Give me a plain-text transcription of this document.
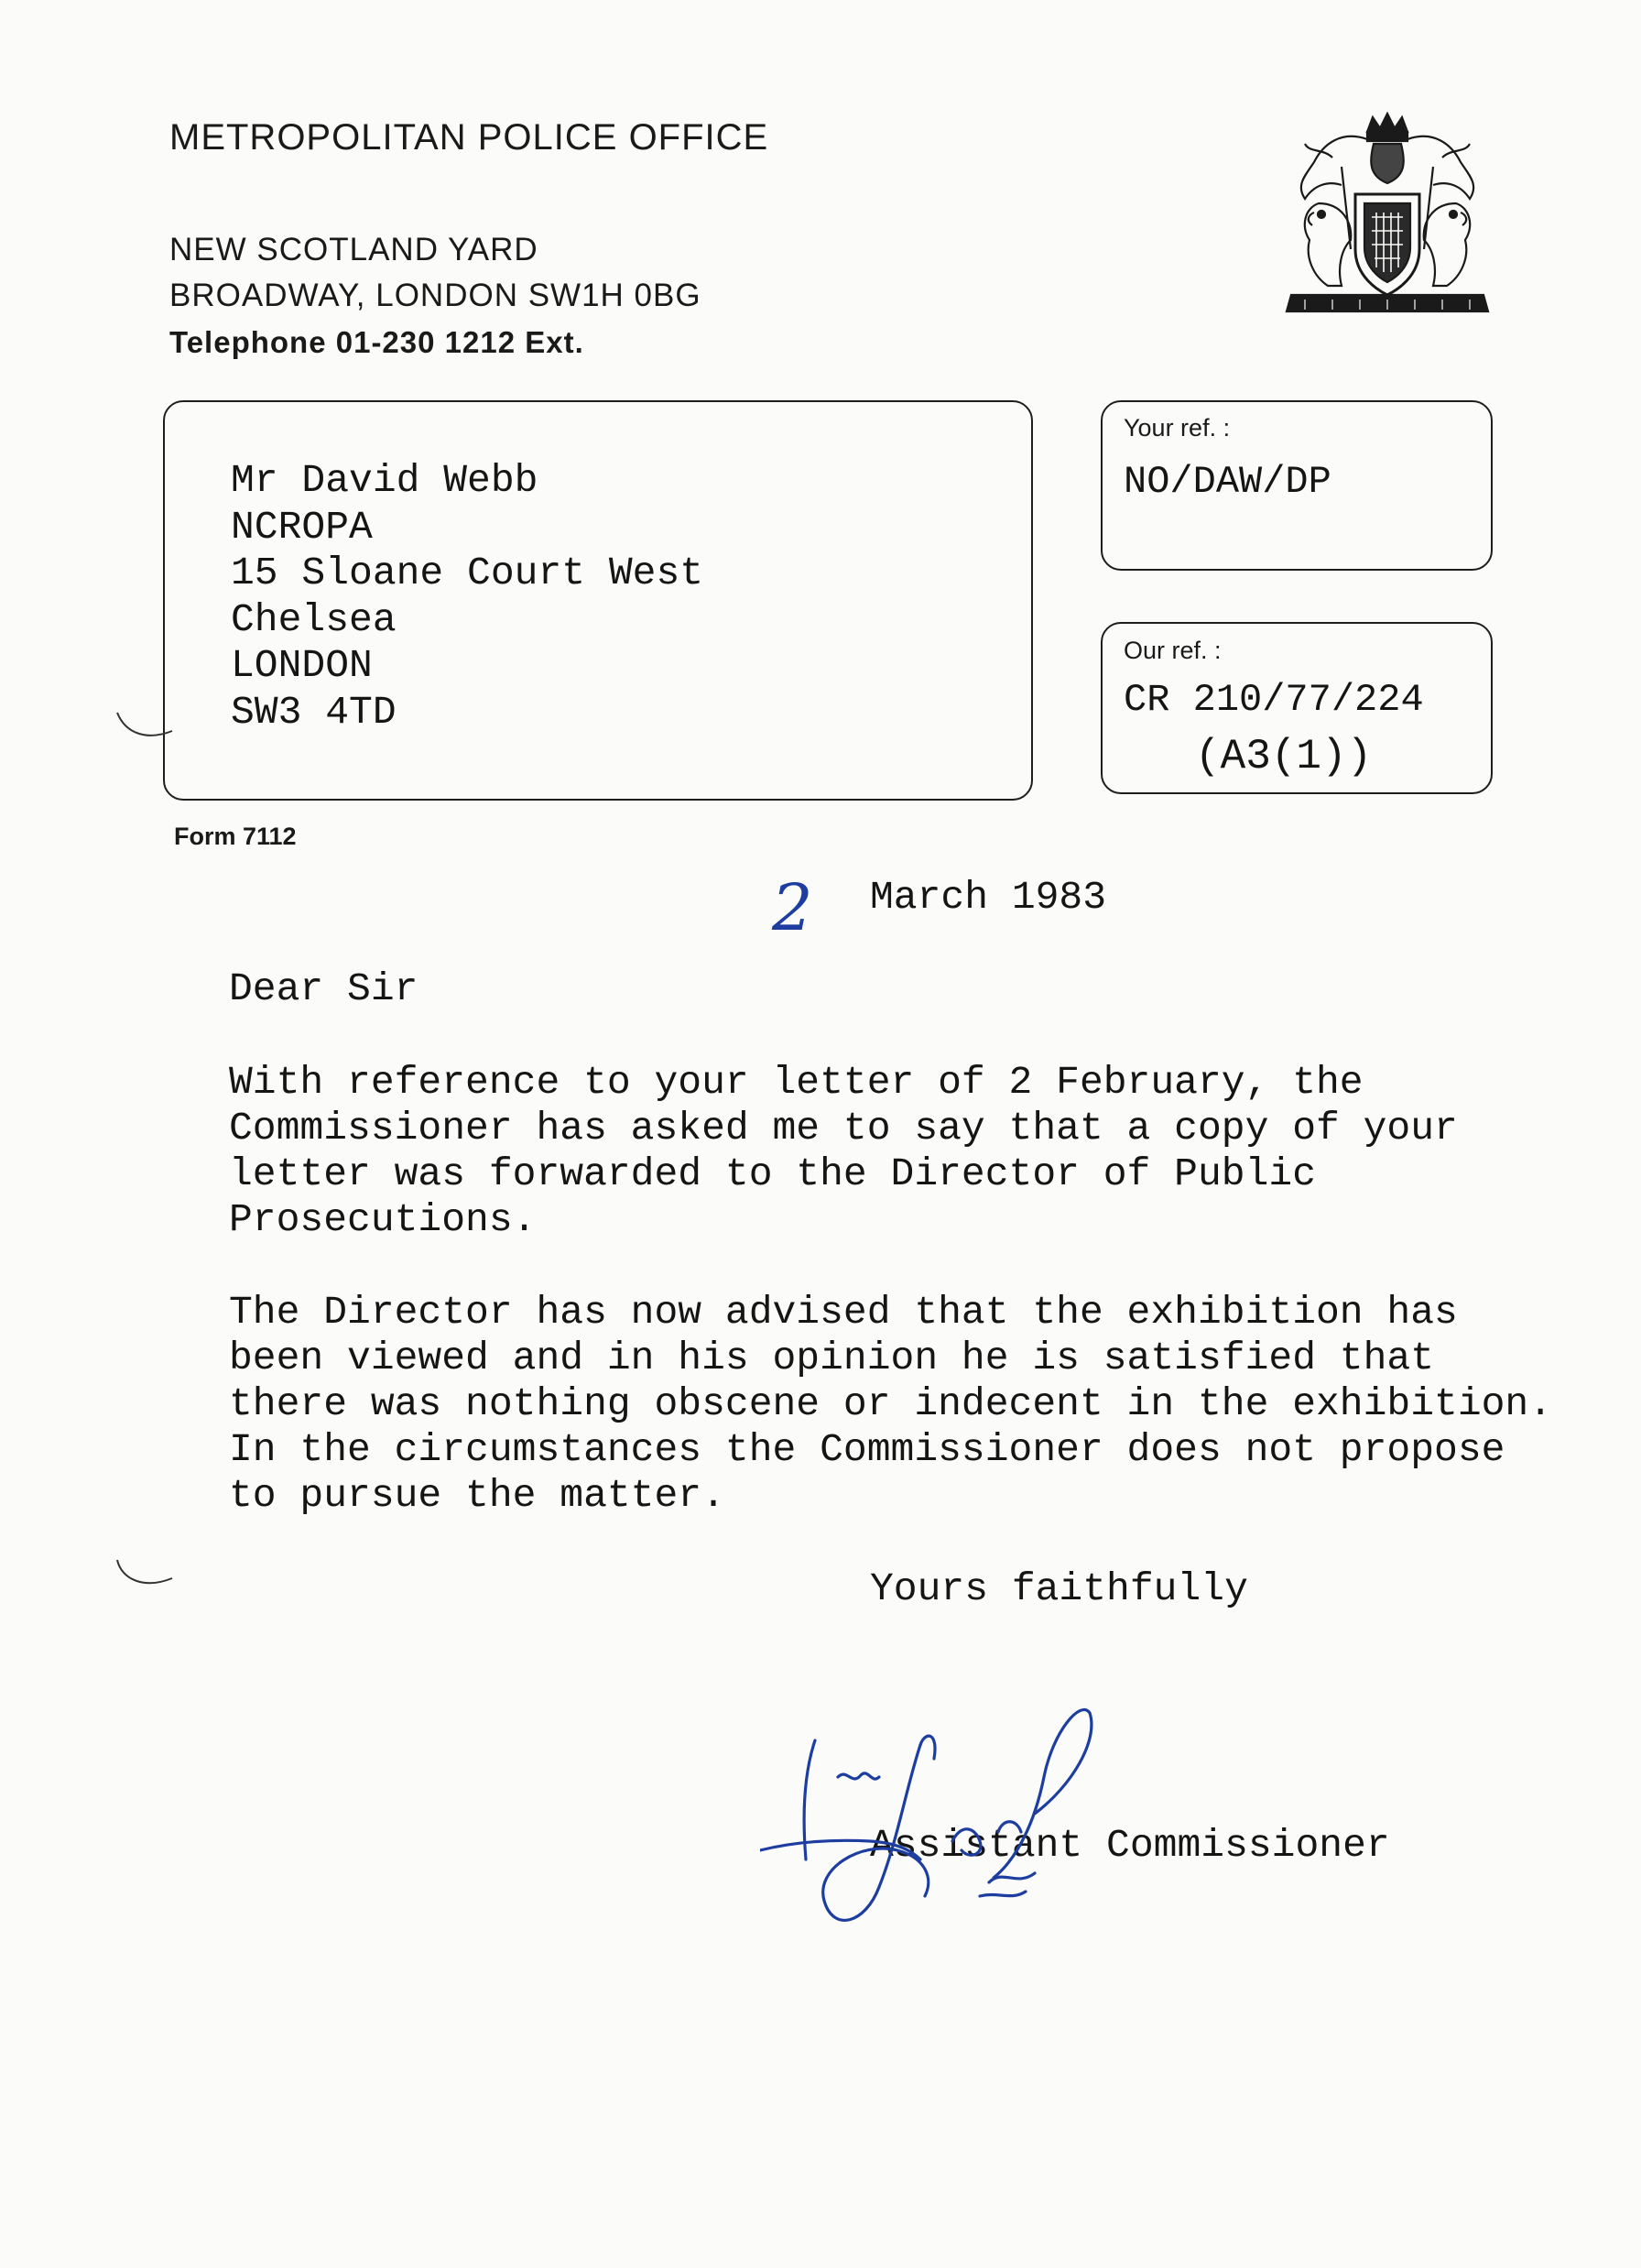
METROPOLITAN POLICE OFFICE
NEW SCOTLAND YARD
BROADWAY, LONDON SW1H 0BG
Telephone 01-230 1212 Ext.
Mr David Webb
NCROPA
15 Sloane Court West
Chelsea
LONDON
SW3 4TD
Your ref. :
NO/DAW/DP
Our ref. :
CR 210/77/224
(A3(1))
Form 7112
2 March 1983
Dear Sir
With reference to your letter of 2 February, the
Commissioner has asked me to say that a copy of your
letter was forwarded to the Director of Public
Prosecutions.
The Director has now advised that the exhibition has
been viewed and in his opinion he is satisfied that
there was nothing obscene or indecent in the exhibition.
In the circumstances the Commissioner does not propose
to pursue the matter.
Yours faithfully
Assistant Commissioner
